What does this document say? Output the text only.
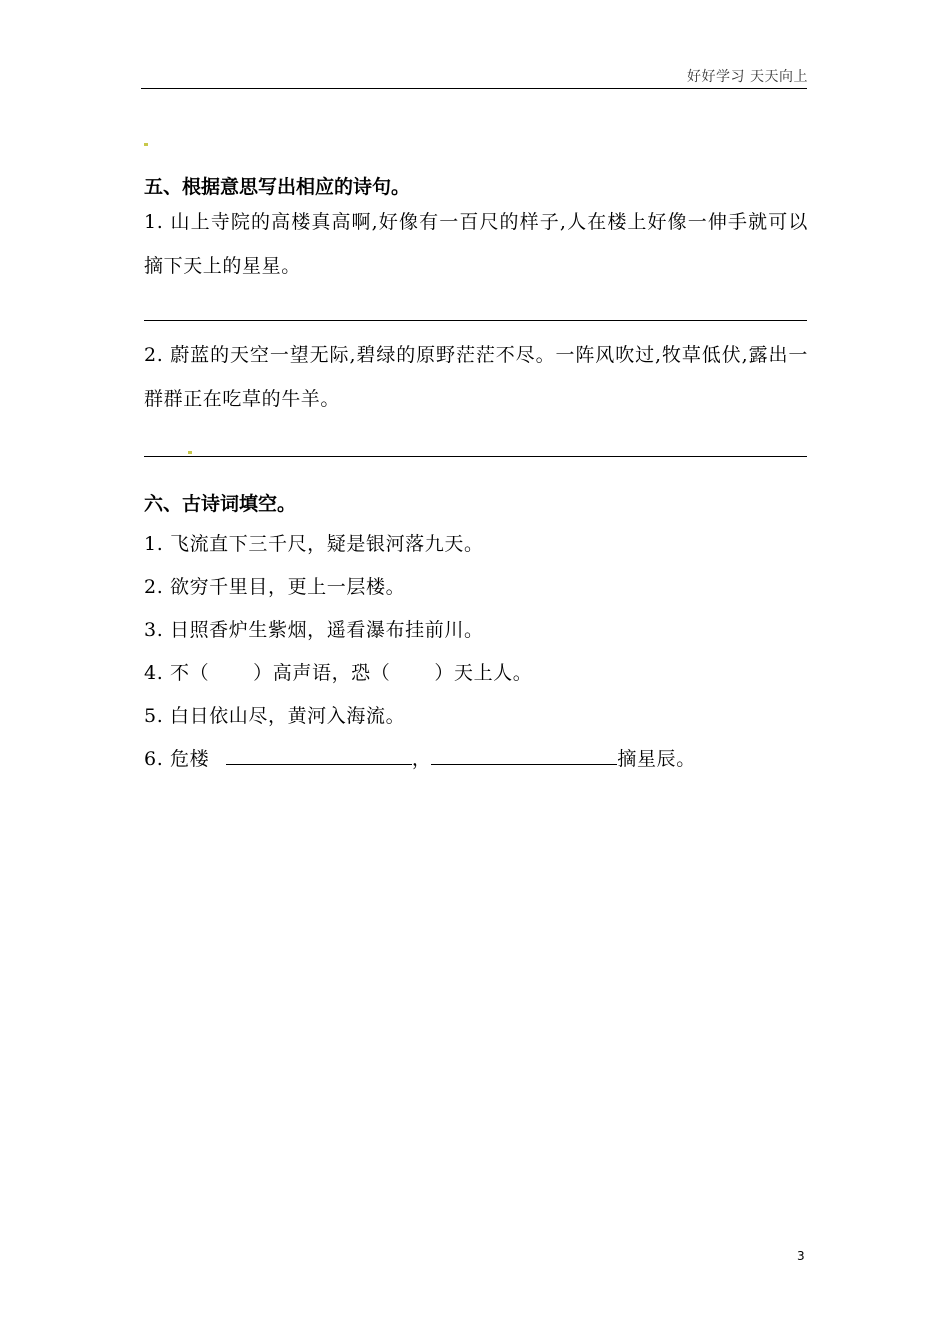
好好学习 天天向上
五、根据意思写出相应的诗句。
1. 山上寺院的高楼真高啊,好像有一百尺的样子,人在楼上好像一伸手就可以摘下天上的星星。
2. 蔚蓝的天空一望无际,碧绿的原野茫茫不尽。一阵风吹过,牧草低伏,露出一群群正在吃草的牛羊。
六、古诗词填空。
1. 飞流直下三千尺，疑是银河落九天。
2. 欲穷千里目，更上一层楼。
3. 日照香炉生紫烟，遥看瀑布挂前川。
4. 不（ ）高声语，恐（ ）天上人。
5. 白日依山尽，黄河入海流。
6. 危楼	，	摘星辰。
3
